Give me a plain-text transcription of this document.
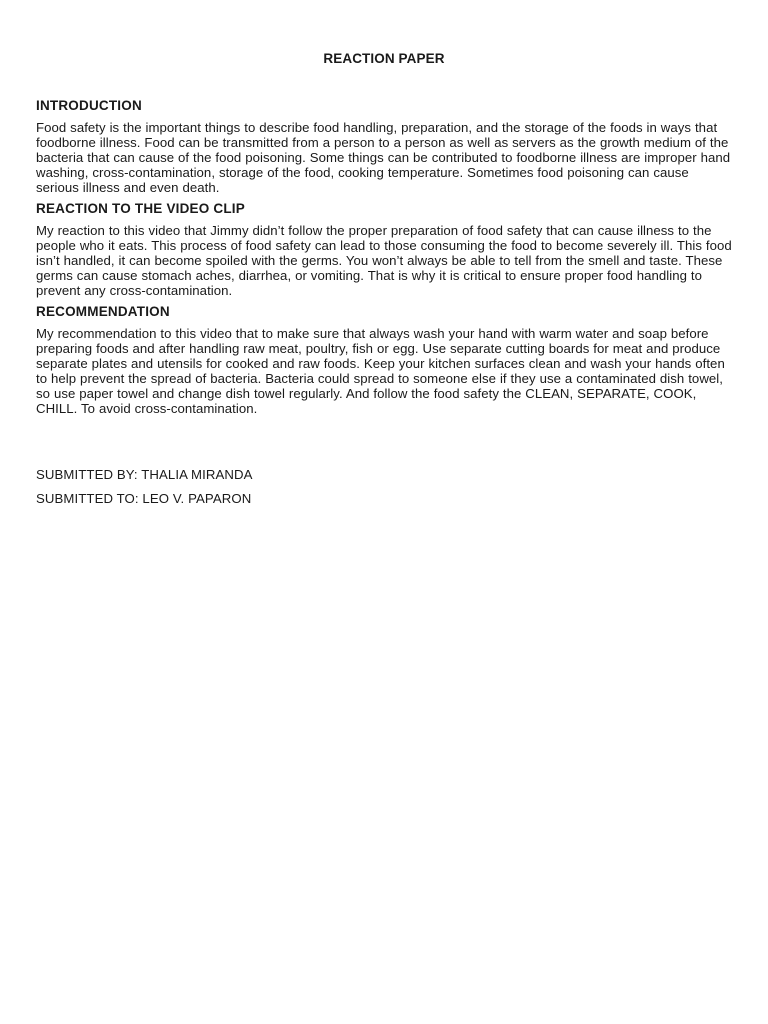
REACTION PAPER
INTRODUCTION

Food safety is the important things to describe food handling, preparation, and the storage of the foods in ways that foodborne illness. Food can be transmitted from a person to a person as well as servers as the growth medium of the bacteria that can cause of the food poisoning. Some things can be contributed to foodborne illness are improper hand washing, cross-contamination, storage of the food, cooking temperature. Sometimes food poisoning can cause serious illness and even death.

REACTION TO THE VIDEO CLIP

My reaction to this video that Jimmy didn’t follow the proper preparation of food safety that can cause illness to the people who it eats. This process of food safety can lead to those consuming the food to become severely ill. This food isn’t handled, it can become spoiled with the germs. You won’t always be able to tell from the smell and taste. These germs can cause stomach aches, diarrhea, or vomiting. That is why it is critical to ensure proper food handling to prevent any cross-contamination.

RECOMMENDATION

My recommendation to this video that to make sure that always wash your hand with warm water and soap before preparing foods and after handling raw meat, poultry, fish or egg. Use separate cutting boards for meat and produce separate plates and utensils for cooked and raw foods. Keep your kitchen surfaces clean and wash your hands often to help prevent the spread of bacteria. Bacteria could spread to someone else if they use a contaminated dish towel, so use paper towel and change dish towel regularly. And follow the food safety the CLEAN, SEPARATE, COOK, CHILL. To avoid cross-contamination.

SUBMITTED BY: THALIA MIRANDA

SUBMITTED TO: LEO V. PAPARON
